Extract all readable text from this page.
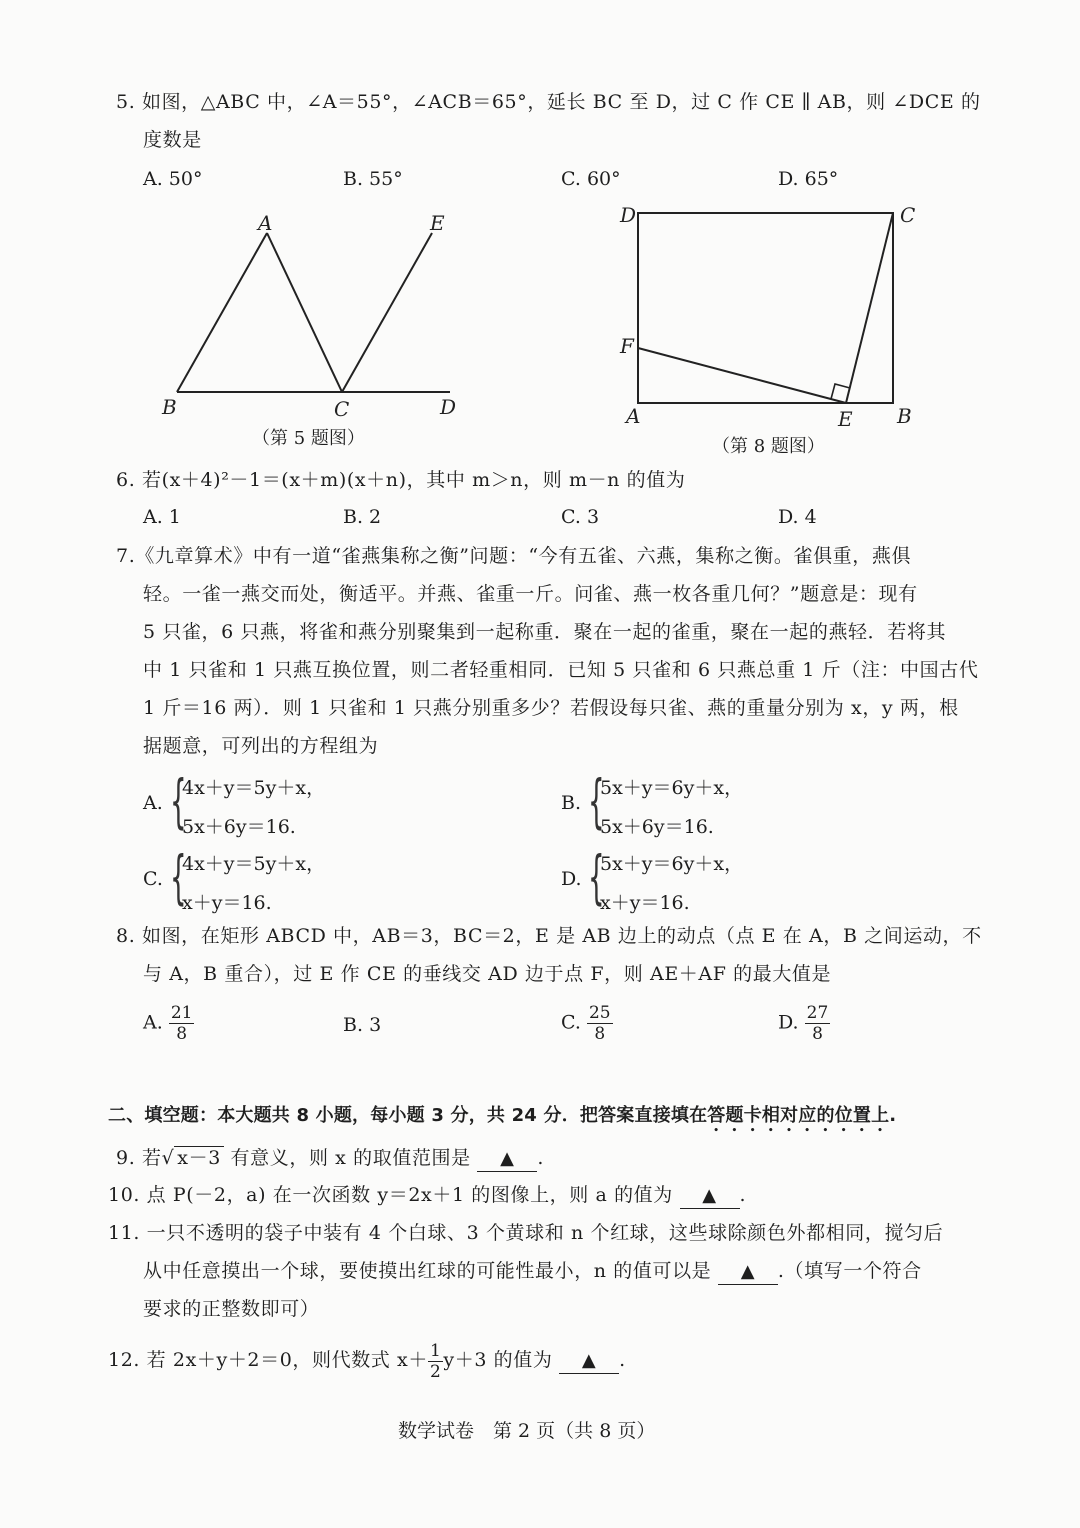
5. 如图，△ABC 中，∠A＝55°，∠ACB＝65°，延长 BC 至 D，过 C 作 CE ∥ AB，则 ∠DCE 的
度数是
A. 50°	B. 55°	C. 60°	D. 65°
A
B	C	D
E
（第 5 题图）
D	C
F
A	E B
（第 8 题图）
6. 若(x＋4)²－1＝(x＋m)(x＋n)，其中 m＞n，则 m－n 的值为
A. 1	B. 2	C. 3	D. 4
7.《九章算术》中有一道“雀燕集称之衡”问题：“今有五雀、六燕，集称之衡。雀俱重，燕俱
轻。一雀一燕交而处，衡适平。并燕、雀重一斤。问雀、燕一枚各重几何？”题意是：现有
5 只雀，6 只燕，将雀和燕分别聚集到一起称重．聚在一起的雀重，聚在一起的燕轻．若将其
中 1 只雀和 1 只燕互换位置，则二者轻重相同．已知 5 只雀和 6 只燕总重 1 斤（注：中国古代
1 斤＝16 两）．则 1 只雀和 1 只燕分别重多少？若假设每只雀、燕的重量分别为 x，y 两，根
据题意，可列出的方程组为
A. {
4x＋y＝5y＋x，
5x＋6y＝16.
B. {
5x＋y＝6y＋x，
5x＋6y＝16.
C. {
4x＋y＝5y＋x，
x＋y＝16.
D. {
5x＋y＝6y＋x，
x＋y＝16.
8. 如图，在矩形 ABCD 中，AB＝3，BC＝2，E 是 AB 边上的动点（点 E 在 A，B 之间运动，不
与 A，B 重合），过 E 作 CE 的垂线交 AD 边于点 F，则 AE＋AF 的最大值是
A. $\frac{21}{8}$	B. 3	C. $\frac{25}{8}$	D. $\frac{27}{8}$
二、填空题：本大题共 8 小题，每小题 3 分，共 24 分．把答案直接填在答题卡相对应的位置上.
9. 若√ x－3 有意义，则 x 的取值范围是 ▲ .
10. 点 P(－2，a) 在一次函数 y＝2x＋1 的图像上，则 a 的值为 ▲ .
11. 一只不透明的袋子中装有 4 个白球、3 个黄球和 n 个红球，这些球除颜色外都相同，搅匀后
从中任意摸出一个球，要使摸出红球的可能性最小，n 的值可以是 ▲ .（填写一个符合
要求的正整数即可）
12. 若 2x＋y＋2＝0，则代数式 $x+ \frac{1}{2} y+3$ 的值为 ▲ .
数学试卷　第 2 页（共 8 页）
